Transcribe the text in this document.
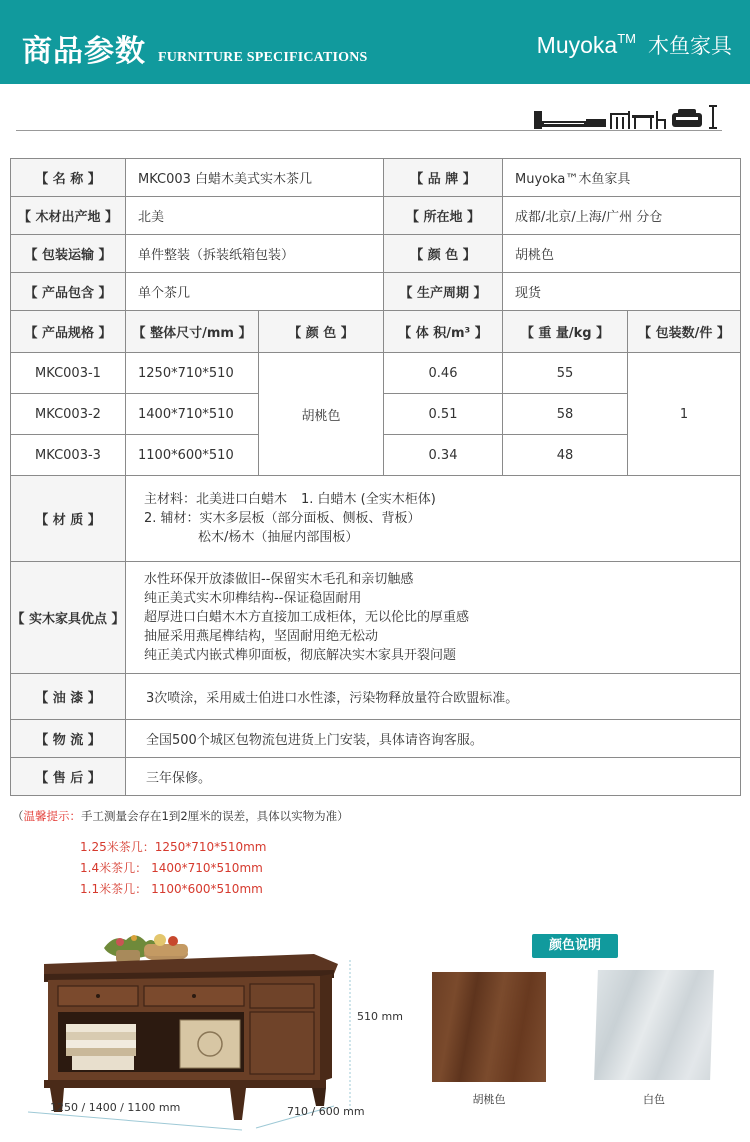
商品参数 FURNITURE SPECIFICATIONS	Muyoka™ 木鱼家具
【 名 称 】	MKC003 白蜡木美式实木茶几		【 品 牌 】	Muyoka™木鱼家具	
【 木材出产地 】	北美		【 所在地 】	成都/北京/上海/广州 分仓	
【 包装运输 】	单件整装（拆装纸箱包装）		【 颜 色 】	胡桃色	
【 产品包含 】	单个茶几		【 生产周期 】	现货	
【 产品规格 】	【 整体尺寸/mm 】	【 颜 色 】	【 体 积/m³ 】	【 重 量/kg 】	【 包装数/件 】
MKC003-1	1250*710*510	胡桃色	0.46	55	1
MKC003-2	1400*710*510		0.51	58	
MKC003-3	1100*600*510		0.34	48	
【 材 质 】	主材料：北美进口白蜡木 1. 白蜡木 (全实木柜体)
2. 辅材：实木多层板（部分面板、侧板、背板）
松木/杨木（抽屉内部围板）				

【 实木家具优点 】	水性环保开放漆做旧--保留实木毛孔和亲切触感
纯正美式实木卯榫结构--保证稳固耐用
超厚进口白蜡木木方直接加工成柜体，无以伦比的厚重感
抽屉采用燕尾榫结构，坚固耐用绝无松动
纯正美式内嵌式榫卯面板，彻底解决实木家具开裂问题				

【 油 漆 】	3次喷涂，采用威士伯进口水性漆，污染物释放量符合欧盟标准。				
【 物 流 】	全国500个城区包物流包进货上门安装，具体请咨询客服。				
【 售 后 】	三年保修。				
（温馨提示：手工测量会存在1到2厘米的误差，具体以实物为准）
1.25米茶几：1250*710*510mm
1.4米茶几： 1400*710*510mm
1.1米茶几： 1100*600*510mm
510 mm
1250 / 1400 / 1100 mm	710 / 600 mm
颜色说明
胡桃色	白色
